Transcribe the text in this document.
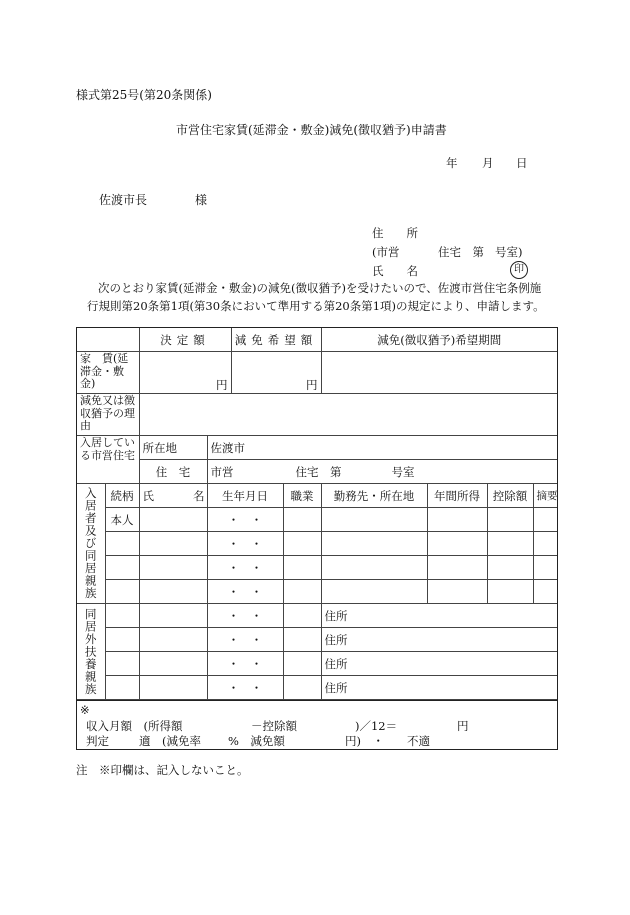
様式第25号(第20条関係)
市営住宅家賃(延滞金・敷金)減免(徴収猶予)申請書
年 月 日
佐渡市長	様
住　　所
(市営	住宅　第 号室)
氏　　名	印
次のとおり家賃(延滞金・敷金)の減免(徴収猶予)を受けたいので、佐渡市営住宅条例施
行規則第20条第1項(第30条において準用する第20条第1項)の規定により、申請します。
		決定額		減免希望額		減免(徴収猶予)希望期間			
家　賃(延滞金・敷金)		円		円					
減免又は徴収猶予の理由									
入居している市営住宅		所在地	佐渡市						
		住　宅	市営 住宅　第 号室						

入居者及び同居親族	続柄	氏 名	生年月日		職業	勤務先・所在地	年間所得	控除額	摘要
	本人		・　・						
			・　・						
			・　・						
			・　・						
同居外扶養親族			・　・			住所			
			・　・			住所			
			・　・			住所			
			・　・			住所			
※
収入月額　(所得額	－控除額	)／12＝	円
判定	適　(減免率 %　減免額	円)　・ 不適
注　※印欄は、記入しないこと。
